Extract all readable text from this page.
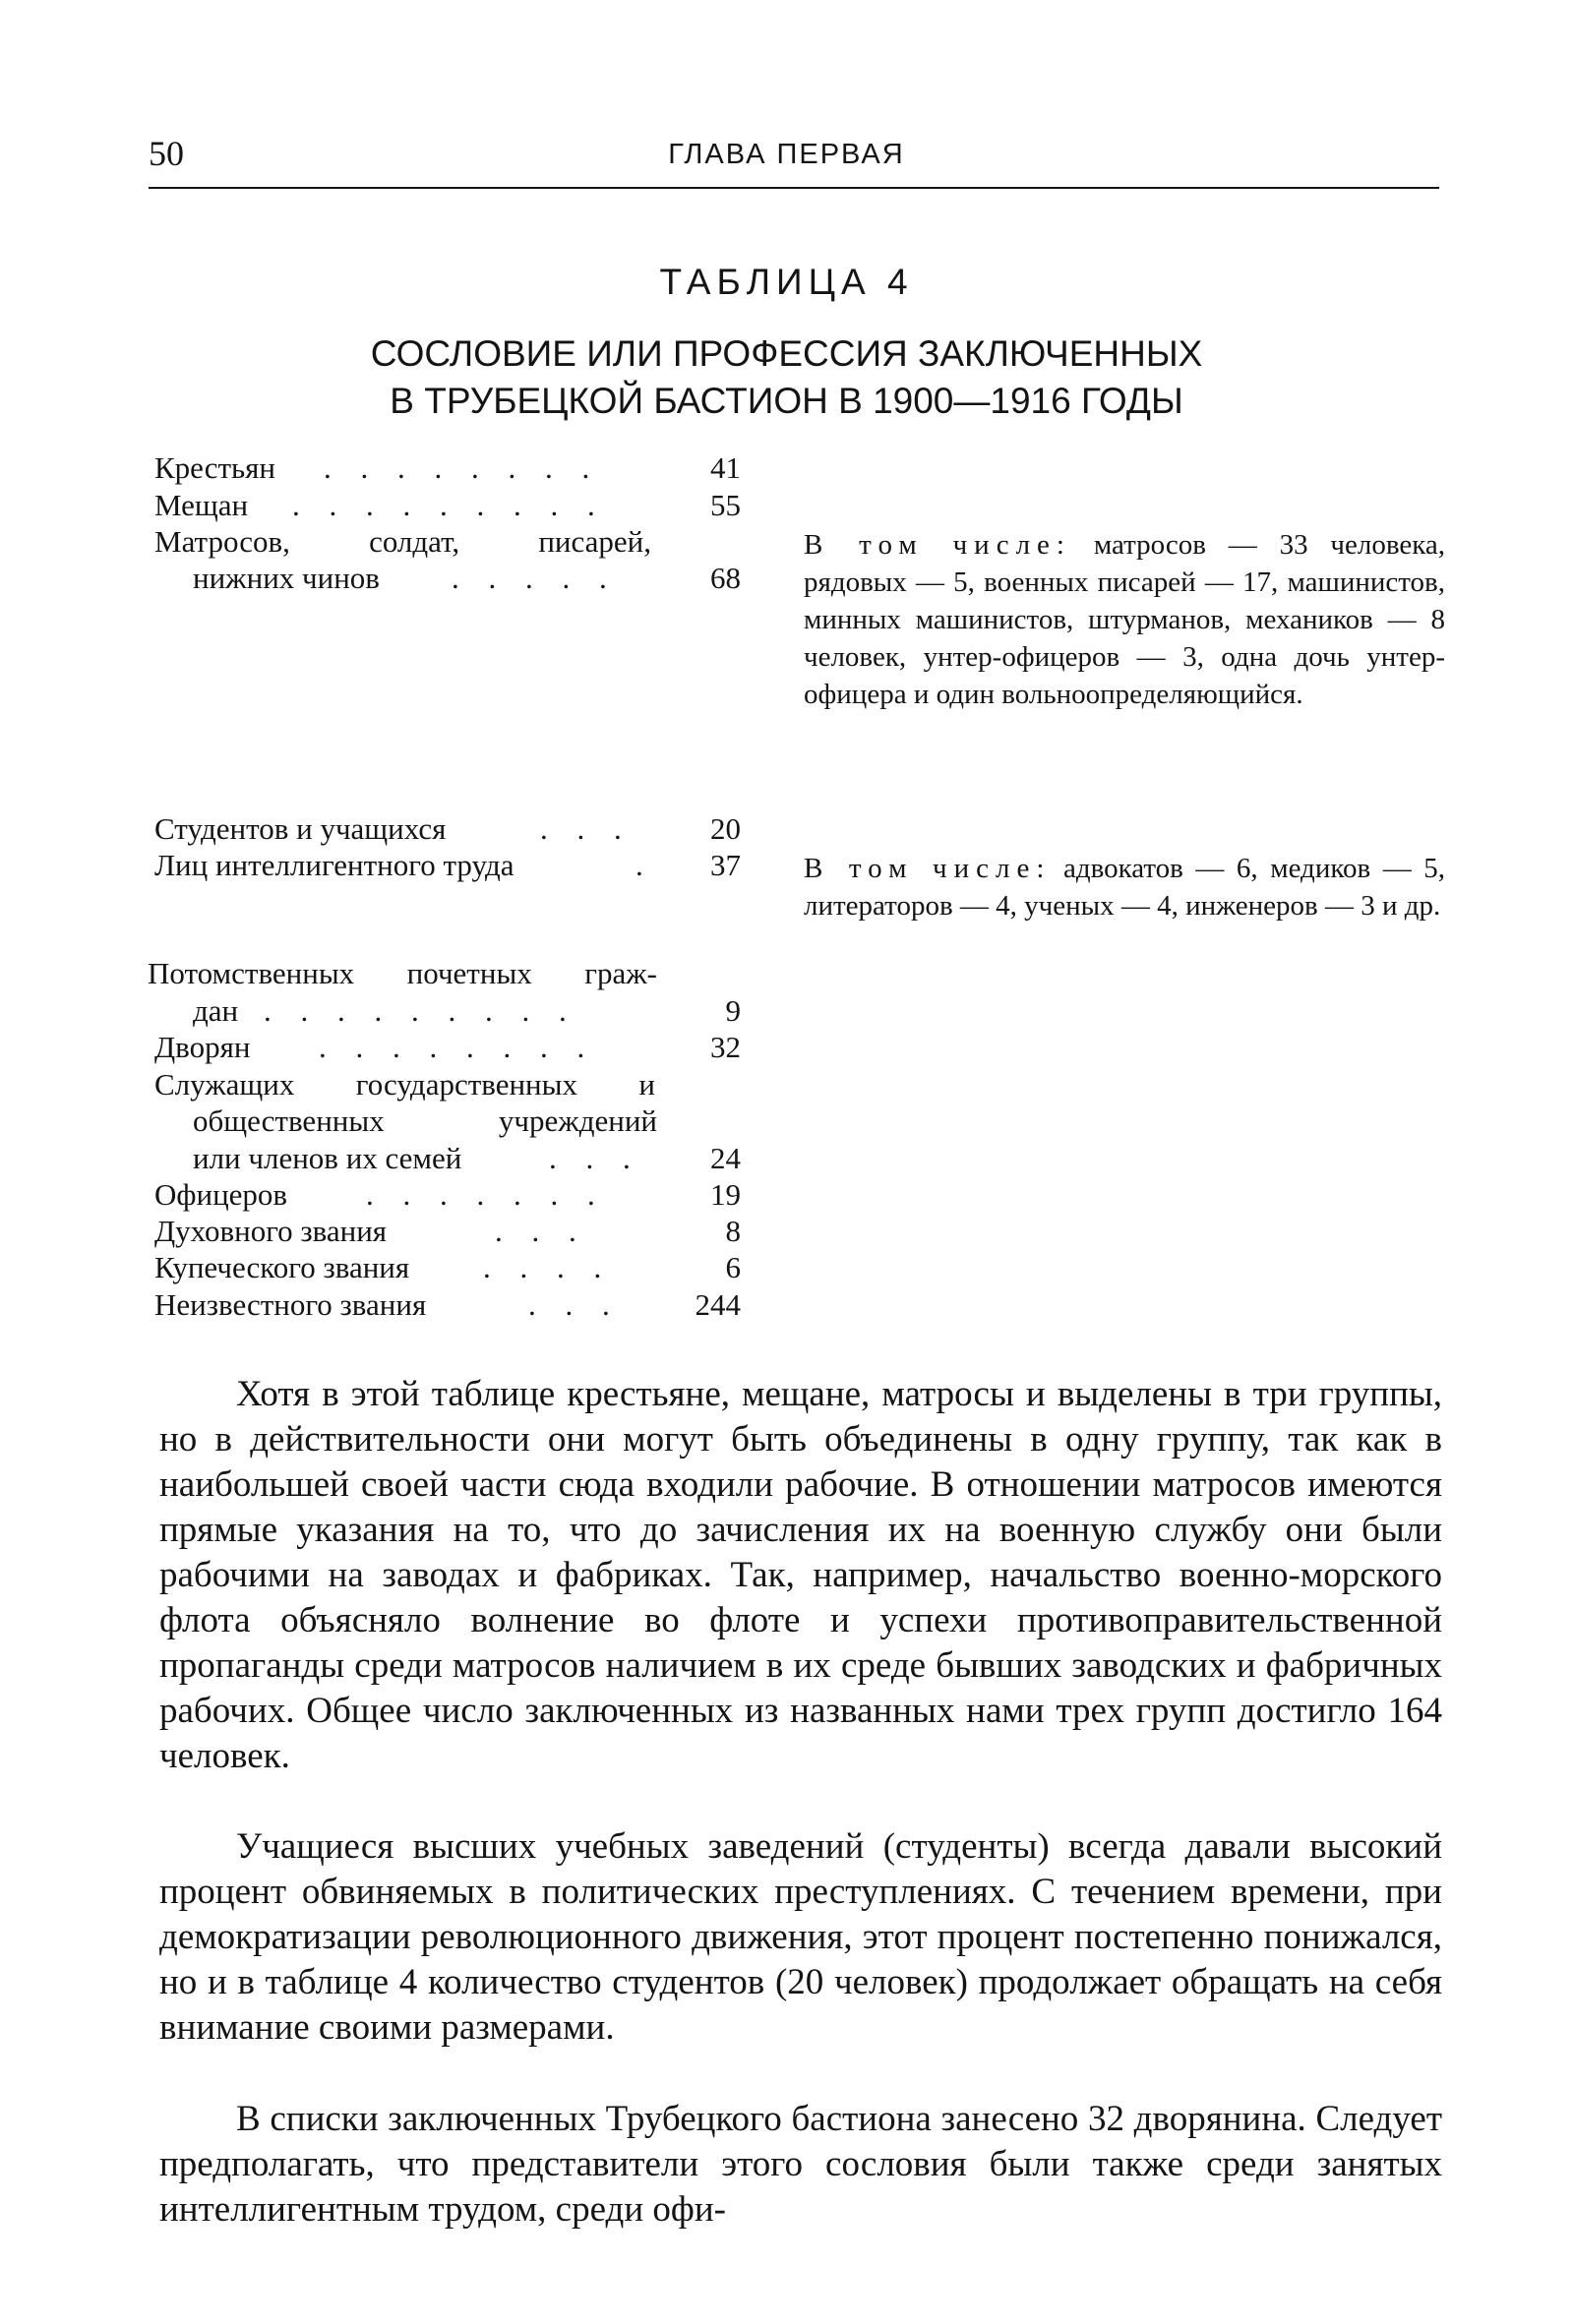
50	ГЛАВА ПЕРВАЯ
ТАБЛИЦА 4
СОСЛОВИЕ ИЛИ ПРОФЕССИЯ ЗАКЛЮЧЕННЫХ
В ТРУБЕЦКОЙ БАСТИОН В 1900—1916 ГОДЫ
Крестьян . . . . . . . .	41
Мещан . . . . . . . . .	55
Матросов, солдат, писарей,
нижних чинов . . . . .	68
Студентов и учащихся	. . .	20
Лиц интеллигентного труда	. 37
Потомственных почетных граж-
дан . . . . . . . . .	9
Дворян . . . . . . . .	32
Служащих государственных и
общественных учреждений
или членов их семей	. . . 24
Офицеров	. . . . . . .	19
Духовного звания	. . .	8
Купеческого звания . . . .	6
Неизвестного звания	. . . 244
В том числе: матросов — 33 человека, рядовых — 5, военных писарей — 17, машинистов, минных машинистов, штурманов, механиков — 8 человек, унтер-офицеров — 3, одна дочь унтер-офицера и один вольноопределяющийся.
В том числе: адвокатов — 6, медиков — 5, литераторов — 4, ученых — 4, инженеров — 3 и др.
Хотя в этой таблице крестьяне, мещане, матросы и выделены в три группы, но в действительности они могут быть объединены в одну группу, так как в наибольшей своей части сюда входили рабочие. В отношении матросов имеются прямые указания на то, что до зачисления их на военную службу они были рабочими на заводах и фабриках. Так, например, начальство военно-морского флота объясняло волнение во флоте и успехи противоправительственной пропаганды среди матросов наличием в их среде бывших заводских и фабричных рабочих. Общее число заключенных из названных нами трех групп достигло 164 человек.
Учащиеся высших учебных заведений (студенты) всегда давали высокий процент обвиняемых в политических преступлениях. С течением времени, при демократизации революционного движения, этот процент постепенно понижался, но и в таблице 4 количество студентов (20 человек) продолжает обращать на себя внимание своими размерами.
В списки заключенных Трубецкого бастиона занесено 32 дворянина. Следует предполагать, что представители этого сословия были также среди занятых интеллигентным трудом, среди офи-
